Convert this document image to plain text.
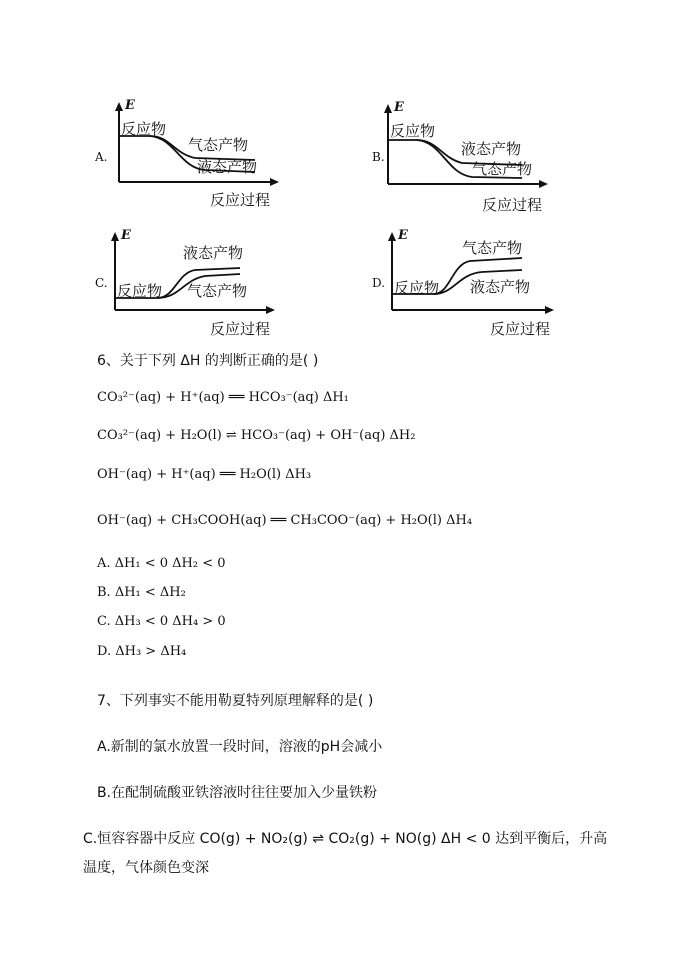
E
反应物
气态产物
液态产物
A.
反应过程
E
反应物
液态产物
气态产物
B.
反应过程
E
液态产物
反应物 气态产物
C.
反应过程
E
气态产物
反应物 液态产物
D.
反应过程
6、关于下列 ΔH 的判断正确的是( )
CO₃²⁻(aq) + H⁺(aq) ══ HCO₃⁻(aq) ΔH₁
CO₃²⁻(aq) + H₂O(l) ⇌ HCO₃⁻(aq) + OH⁻(aq) ΔH₂
OH⁻(aq) + H⁺(aq) ══ H₂O(l) ΔH₃
OH⁻(aq) + CH₃COOH(aq) ══ CH₃COO⁻(aq) + H₂O(l) ΔH₄
A. ΔH₁ < 0 ΔH₂ < 0
B. ΔH₁ < ΔH₂
C. ΔH₃ < 0 ΔH₄ > 0
D. ΔH₃ > ΔH₄
7、下列事实不能用勒夏特列原理解释的是( )
A.新制的氯水放置一段时间，溶液的pH会减小
B.在配制硫酸亚铁溶液时往往要加入少量铁粉
C.恒容容器中反应 CO(g) + NO₂(g) ⇌ CO₂(g) + NO(g) ΔH < 0 达到平衡后，升高
温度，气体颜色变深
